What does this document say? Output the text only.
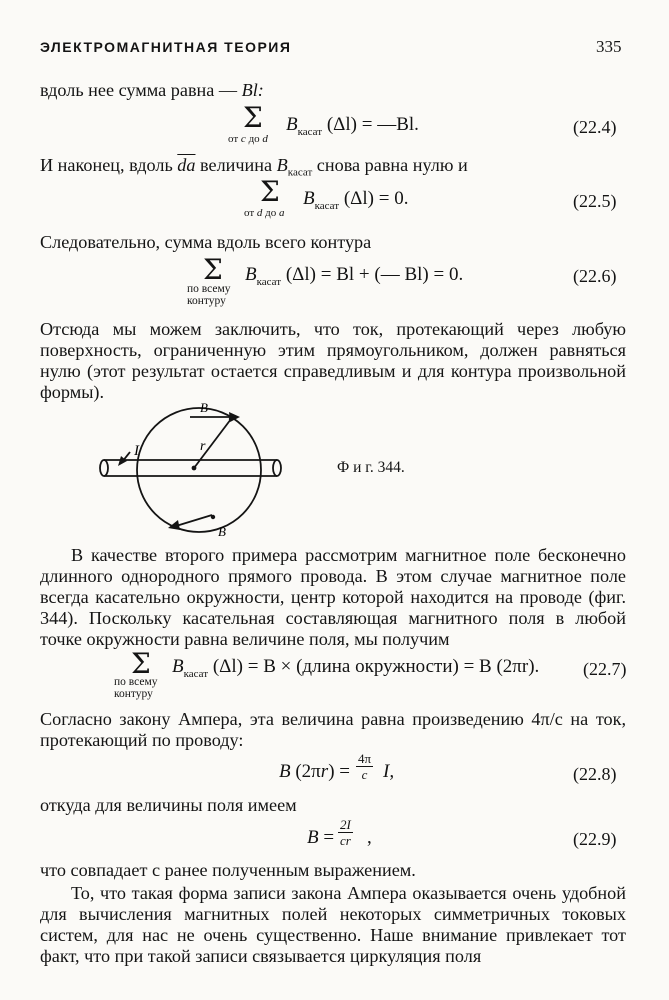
ЭЛЕКТРОМАГНИТНАЯ ТЕОРИЯ	335
вдоль нее сумма равна — Bl:
Σ
от c до d
$B_{касат}$ (Δl) = —Bl.	(22.4)
И наконец, вдоль $\overline{da}$ величина $B_{касат}$ снова равна нулю и
Σ
от d до a
$B_{касат}$ (Δl) = 0.	(22.5)
Следовательно, сумма вдоль всего контура
Σ
по всему
контуру
$B_{касат}$ (Δl) = Bl + (— Bl) = 0.	(22.6)
Отсюда мы можем заключить, что ток, протекающий через любую поверхность, ограниченную этим прямоугольником, должен равняться нулю (этот результат остается справедливым и для контура произвольной формы).
B
r
I
B
Ф и г. 344.
В качестве второго примера рассмотрим магнитное поле бесконечно длинного однородного прямого провода. В этом случае магнитное поле всегда касательно окружности, центр которой находится на проводе (фиг. 344). Поскольку касательная составляющая магнитного поля в любой точке окружности равна величине поля, мы получим
Σ
по всему
контуру
$B_{касат}$ (Δl) = B × (длина окружности) = B (2πr). (22.7)
Согласно закону Ампера, эта величина равна произведению 4π/c на ток, протекающий по проводу:
B $(2\pi r) = \frac{4\pi}{c} I$,	(22.8)
откуда для величины поля имеем
$B = \frac{2I}{cr}$ ,	(22.9)
что совпадает с ранее полученным выражением.
То, что такая форма записи закона Ампера оказывается очень удобной для вычисления магнитных полей некоторых симметричных токовых систем, для нас не очень существенно. Наше внимание привлекает тот факт, что при такой записи связывается циркуляция поля
